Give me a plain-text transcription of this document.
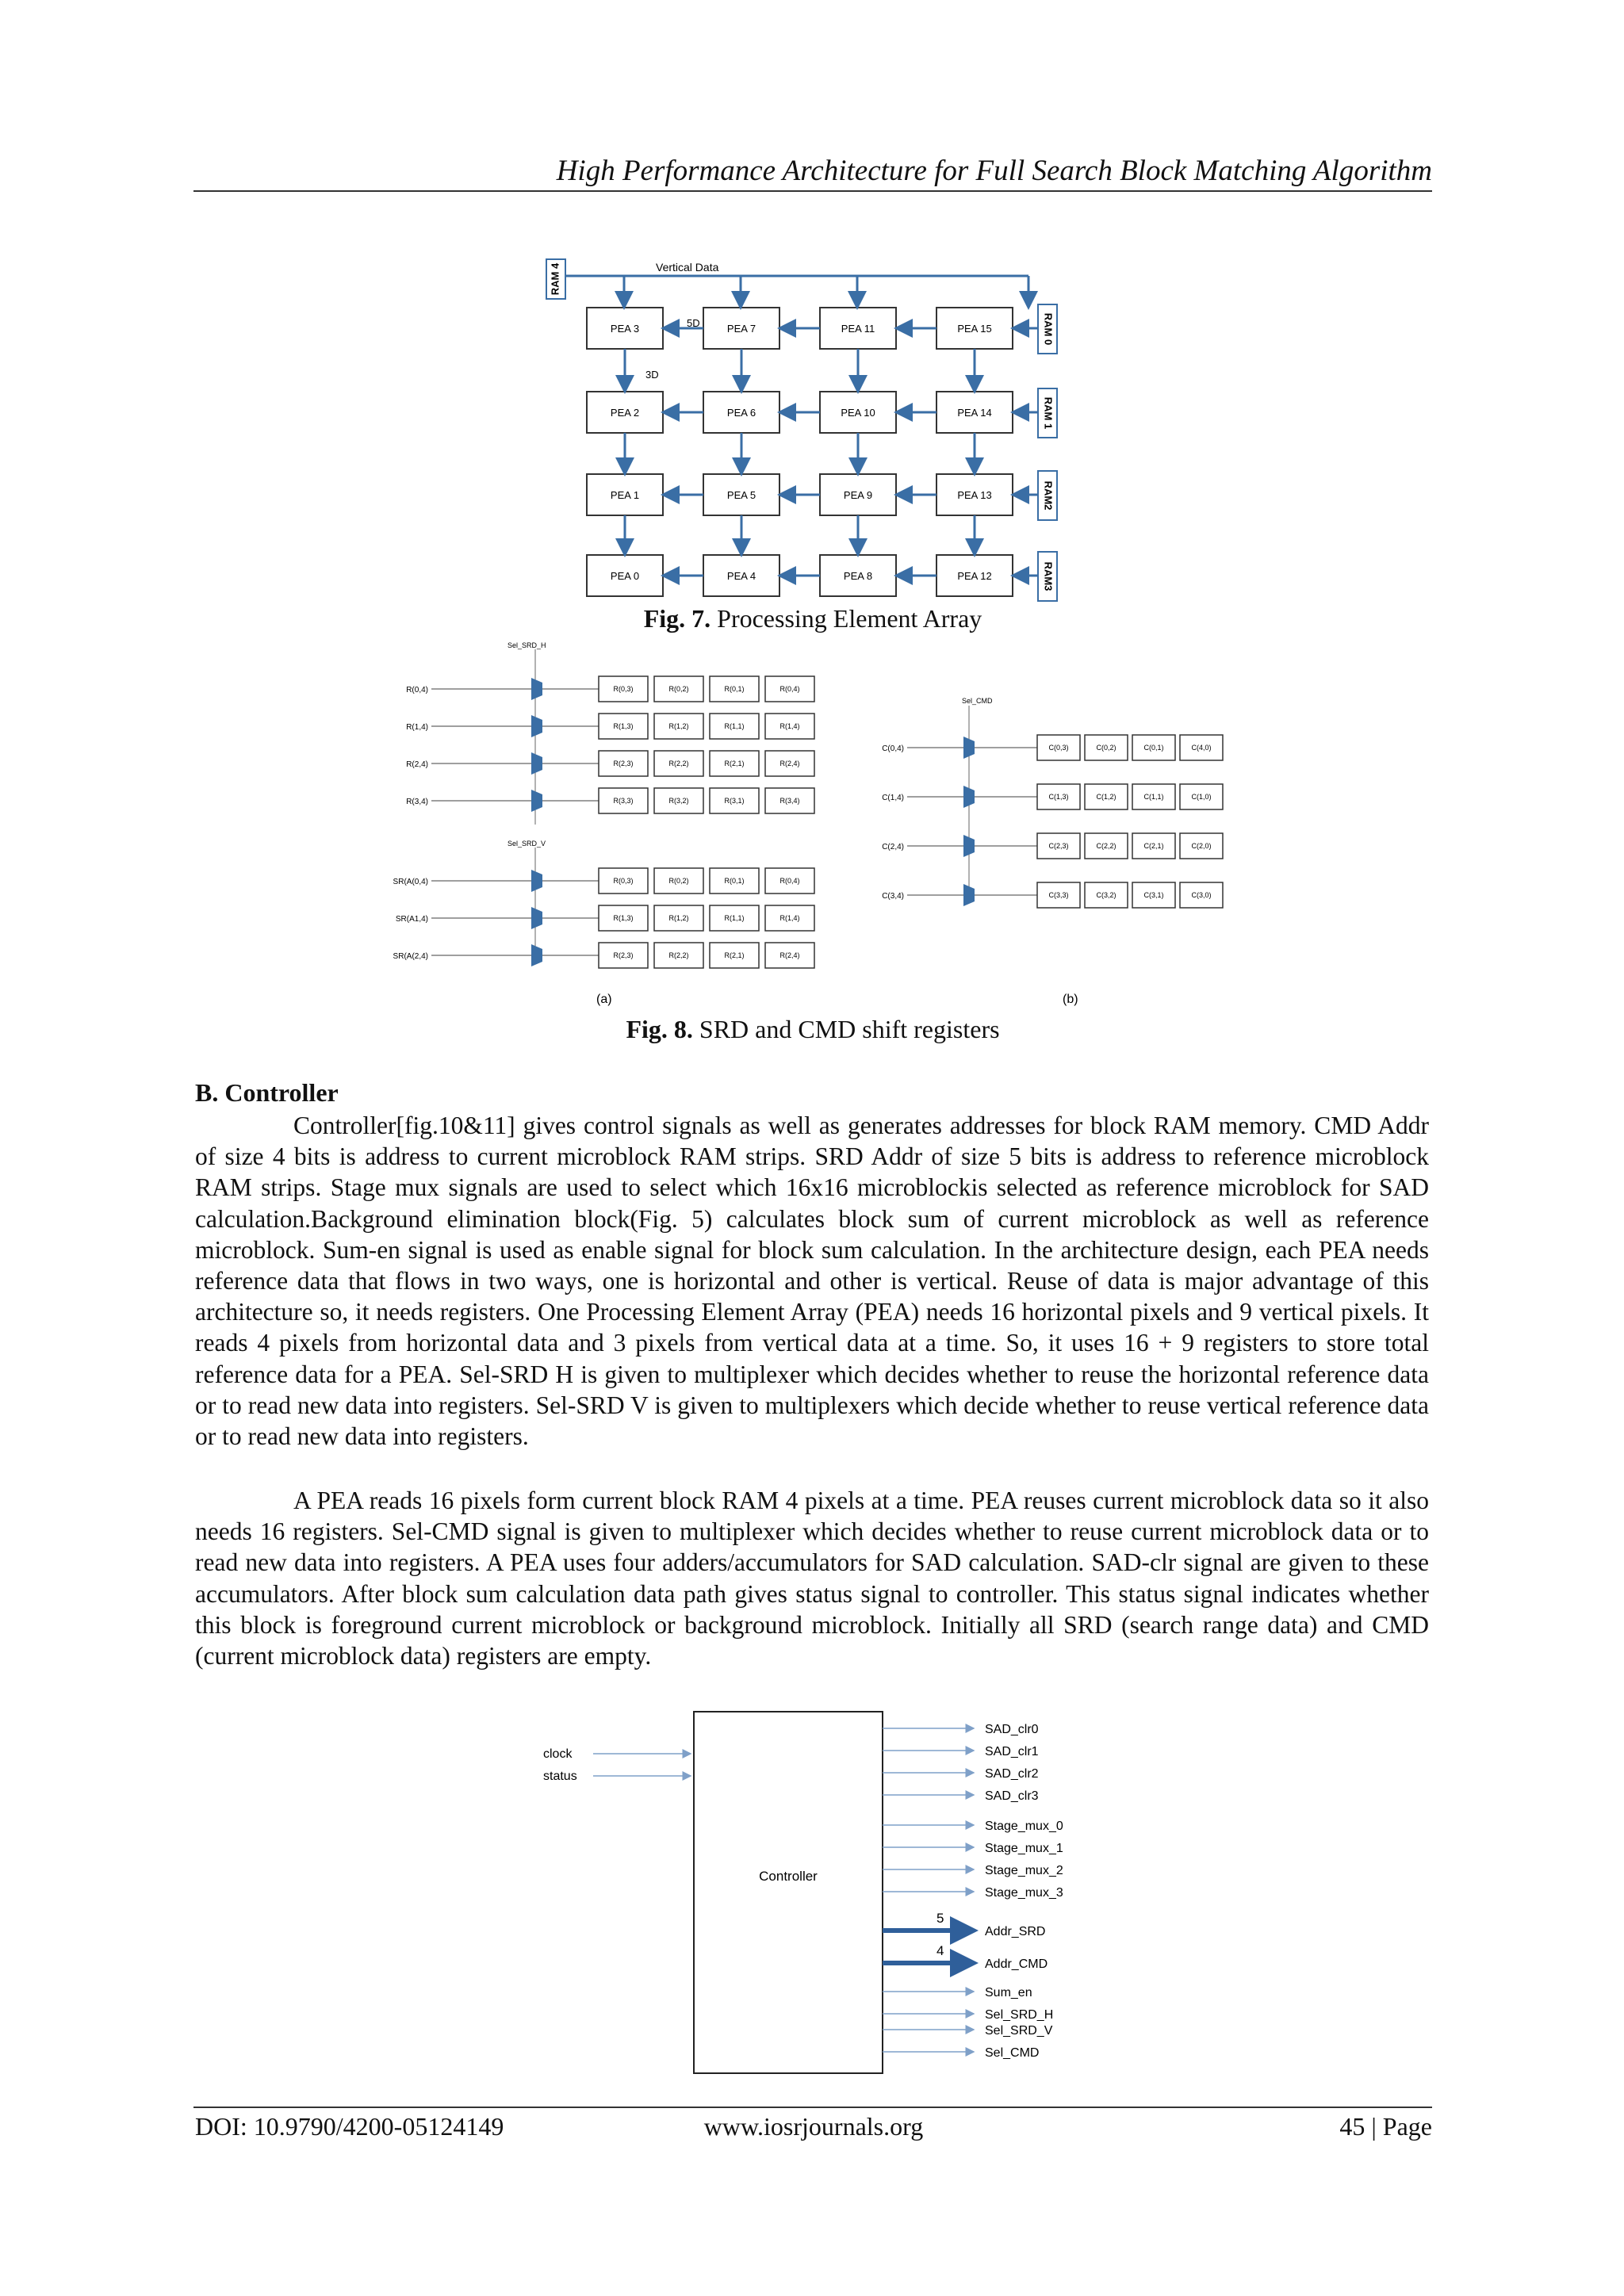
High Performance Architecture for Full Search Block Matching Algorithm
RAM 4	Vertical Data
PEA 3	PEA 7	PEA 11	PEA 15
PEA 2	PEA 6	PEA 10	PEA 14
PEA 1	PEA 5	PEA 9	PEA 13
PEA 0	PEA 4	PEA 8	PEA 12
5D
3D
RAM 0
RAM 1
RAM2
RAM3
Fig. 7. Processing Element Array
R(0,4)	R(0,3)	R(0,2)	R(0,1)	R(0,4)
R(1,4)	R(1,3)	R(1,2)	R(1,1)	R(1,4)
R(2,4)	R(2,3)	R(2,2)	R(2,1)	R(2,4)
R(3,4)	R(3,3)	R(3,2)	R(3,1)	R(3,4)
SR(A(0,4)	R(0,3)	R(0,2)	R(0,1)	R(0,4)
SR(A1,4)	R(1,3)	R(1,2)	R(1,1)	R(1,4)
SR(A(2,4)	R(2,3)	R(2,2)	R(2,1)	R(2,4)
C(0,4)	C(0,3)	C(0,2)	C(0,1)	C(4,0)
C(1,4)	C(1,3)	C(1,2)	C(1,1)	C(1,0)
C(2,4)	C(2,3)	C(2,2)	C(2,1)	C(2,0)
C(3,4)	C(3,3)	C(3,2)	C(3,1)	C(3,0)
Sel_SRD_H
Sel_SRD_V
Sel_CMD
(a)	(b)
Fig. 8. SRD and CMD shift registers
B. Controller
Controller[fig.10&11] gives control signals as well as generates addresses for block RAM memory. CMD Addr of size 4 bits is address to current microblock RAM strips. SRD Addr of size 5 bits is address to reference microblock RAM strips. Stage mux signals are used to select which 16x16 microblockis selected as reference microblock for SAD calculation.Background elimination block(Fig. 5) calculates block sum of current microblock as well as reference microblock. Sum-en signal is used as enable signal for block sum calculation. In the architecture design, each PEA needs reference data that flows in two ways, one is horizontal and other is vertical. Reuse of data is major advantage of this architecture so, it needs registers. One Processing Element Array (PEA) needs 16 horizontal pixels and 9 vertical pixels. It reads 4 pixels from horizontal data and 3 pixels from vertical data at a time. So, it uses 16 + 9 registers to store total reference data for a PEA. Sel-SRD H is given to multiplexer which decides whether to reuse the horizontal reference data or to read new data into registers. Sel-SRD V is given to multiplexers which decide whether to reuse vertical reference data or to read new data into registers.
A PEA reads 16 pixels form current block RAM 4 pixels at a time. PEA reuses current microblock data so it also needs 16 registers. Sel-CMD signal is given to multiplexer which decides whether to reuse current microblock data or to read new data into registers. A PEA uses four adders/accumulators for SAD calculation. SAD-clr signal are given to these accumulators. After block sum calculation data path gives status signal to controller. This status signal indicates whether this block is foreground current microblock or background microblock. Initially all SRD (search range data) and CMD (current microblock data) registers are empty.
Controller
clock
status
SAD_clr0
SAD_clr1
SAD_clr2
SAD_clr3
Stage_mux_0
Stage_mux_1
Stage_mux_2
Stage_mux_3
Addr_SRD
Addr_CMD
Sum_en
Sel_SRD_H
Sel_SRD_V
Sel_CMD
5
4
DOI: 10.9790/4200-05124149	www.iosrjournals.org	45 | Page
